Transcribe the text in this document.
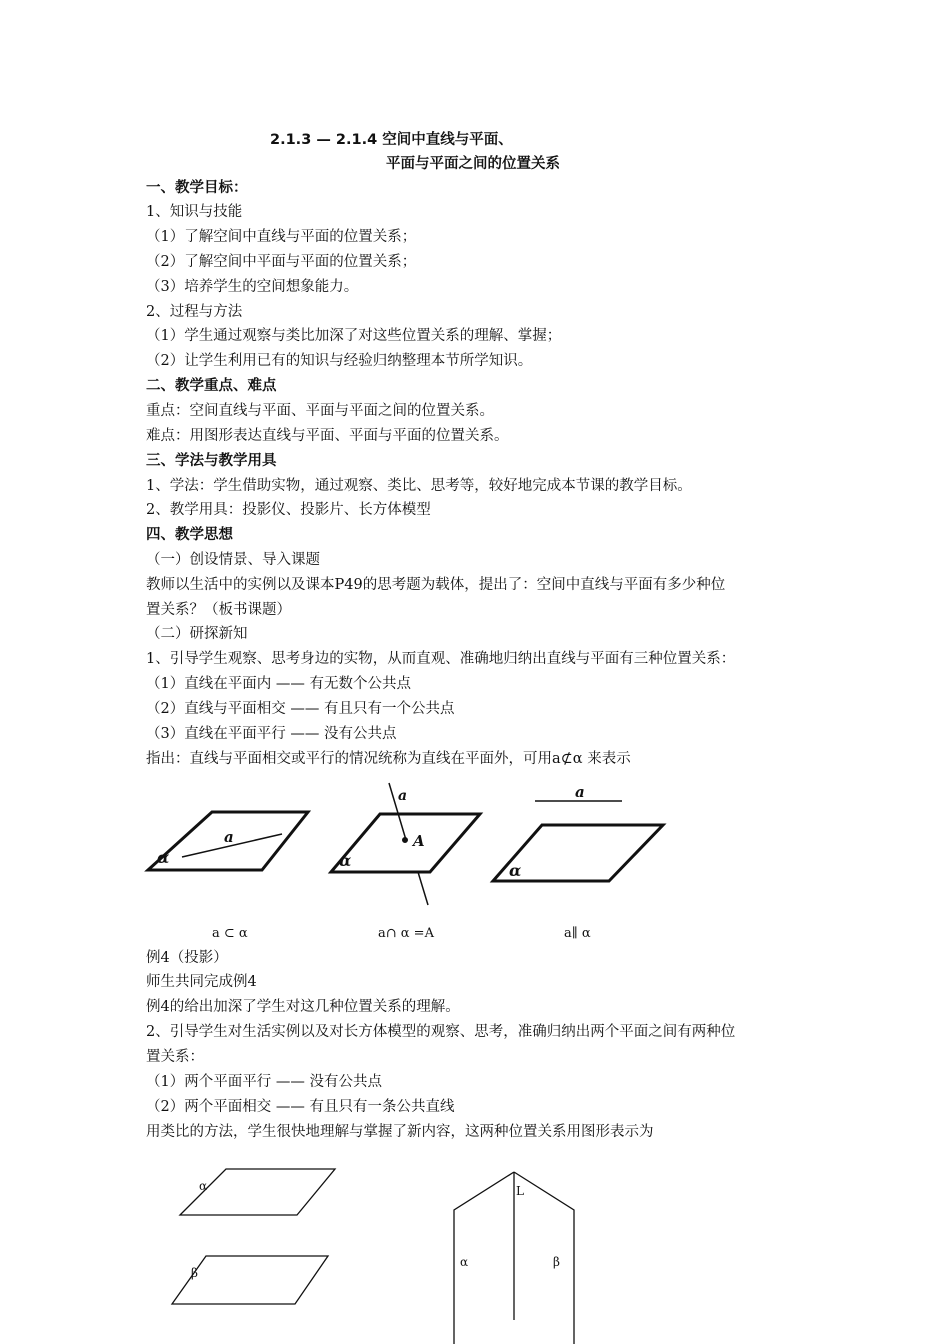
2.1.3 — 2.1.4 空间中直线与平面、
平面与平面之间的位置关系
一、教学目标：
1、知识与技能
（1）了解空间中直线与平面的位置关系；
（2）了解空间中平面与平面的位置关系；
（3）培养学生的空间想象能力。
2、过程与方法
（1）学生通过观察与类比加深了对这些位置关系的理解、掌握；
（2）让学生利用已有的知识与经验归纳整理本节所学知识。
二、教学重点、难点
重点：空间直线与平面、平面与平面之间的位置关系。
难点：用图形表达直线与平面、平面与平面的位置关系。
三、学法与教学用具
1、学法：学生借助实物，通过观察、类比、思考等，较好地完成本节课的教学目标。
2、教学用具：投影仪、投影片、长方体模型
四、教学思想
（一）创设情景、导入课题
教师以生活中的实例以及课本P49的思考题为载体，提出了：空间中直线与平面有多少种位
置关系？（板书课题）
（二）研探新知
1、引导学生观察、思考身边的实物，从而直观、准确地归纳出直线与平面有三种位置关系：
（1）直线在平面内 —— 有无数个公共点
（2）直线与平面相交 —— 有且只有一个公共点
（3）直线在平面平行 —— 没有公共点
指出：直线与平面相交或平行的情况统称为直线在平面外，可用a⊄α 来表示
a
α
a
A
α
a
α
α
β
L
α	β
a ⊂ α	a∩ α =A	a∥ α
例4（投影）
师生共同完成例4
例4的给出加深了学生对这几种位置关系的理解。
2、引导学生对生活实例以及对长方体模型的观察、思考，准确归纳出两个平面之间有两种位
置关系：
（1）两个平面平行 —— 没有公共点
（2）两个平面相交 —— 有且只有一条公共直线
用类比的方法，学生很快地理解与掌握了新内容，这两种位置关系用图形表示为
